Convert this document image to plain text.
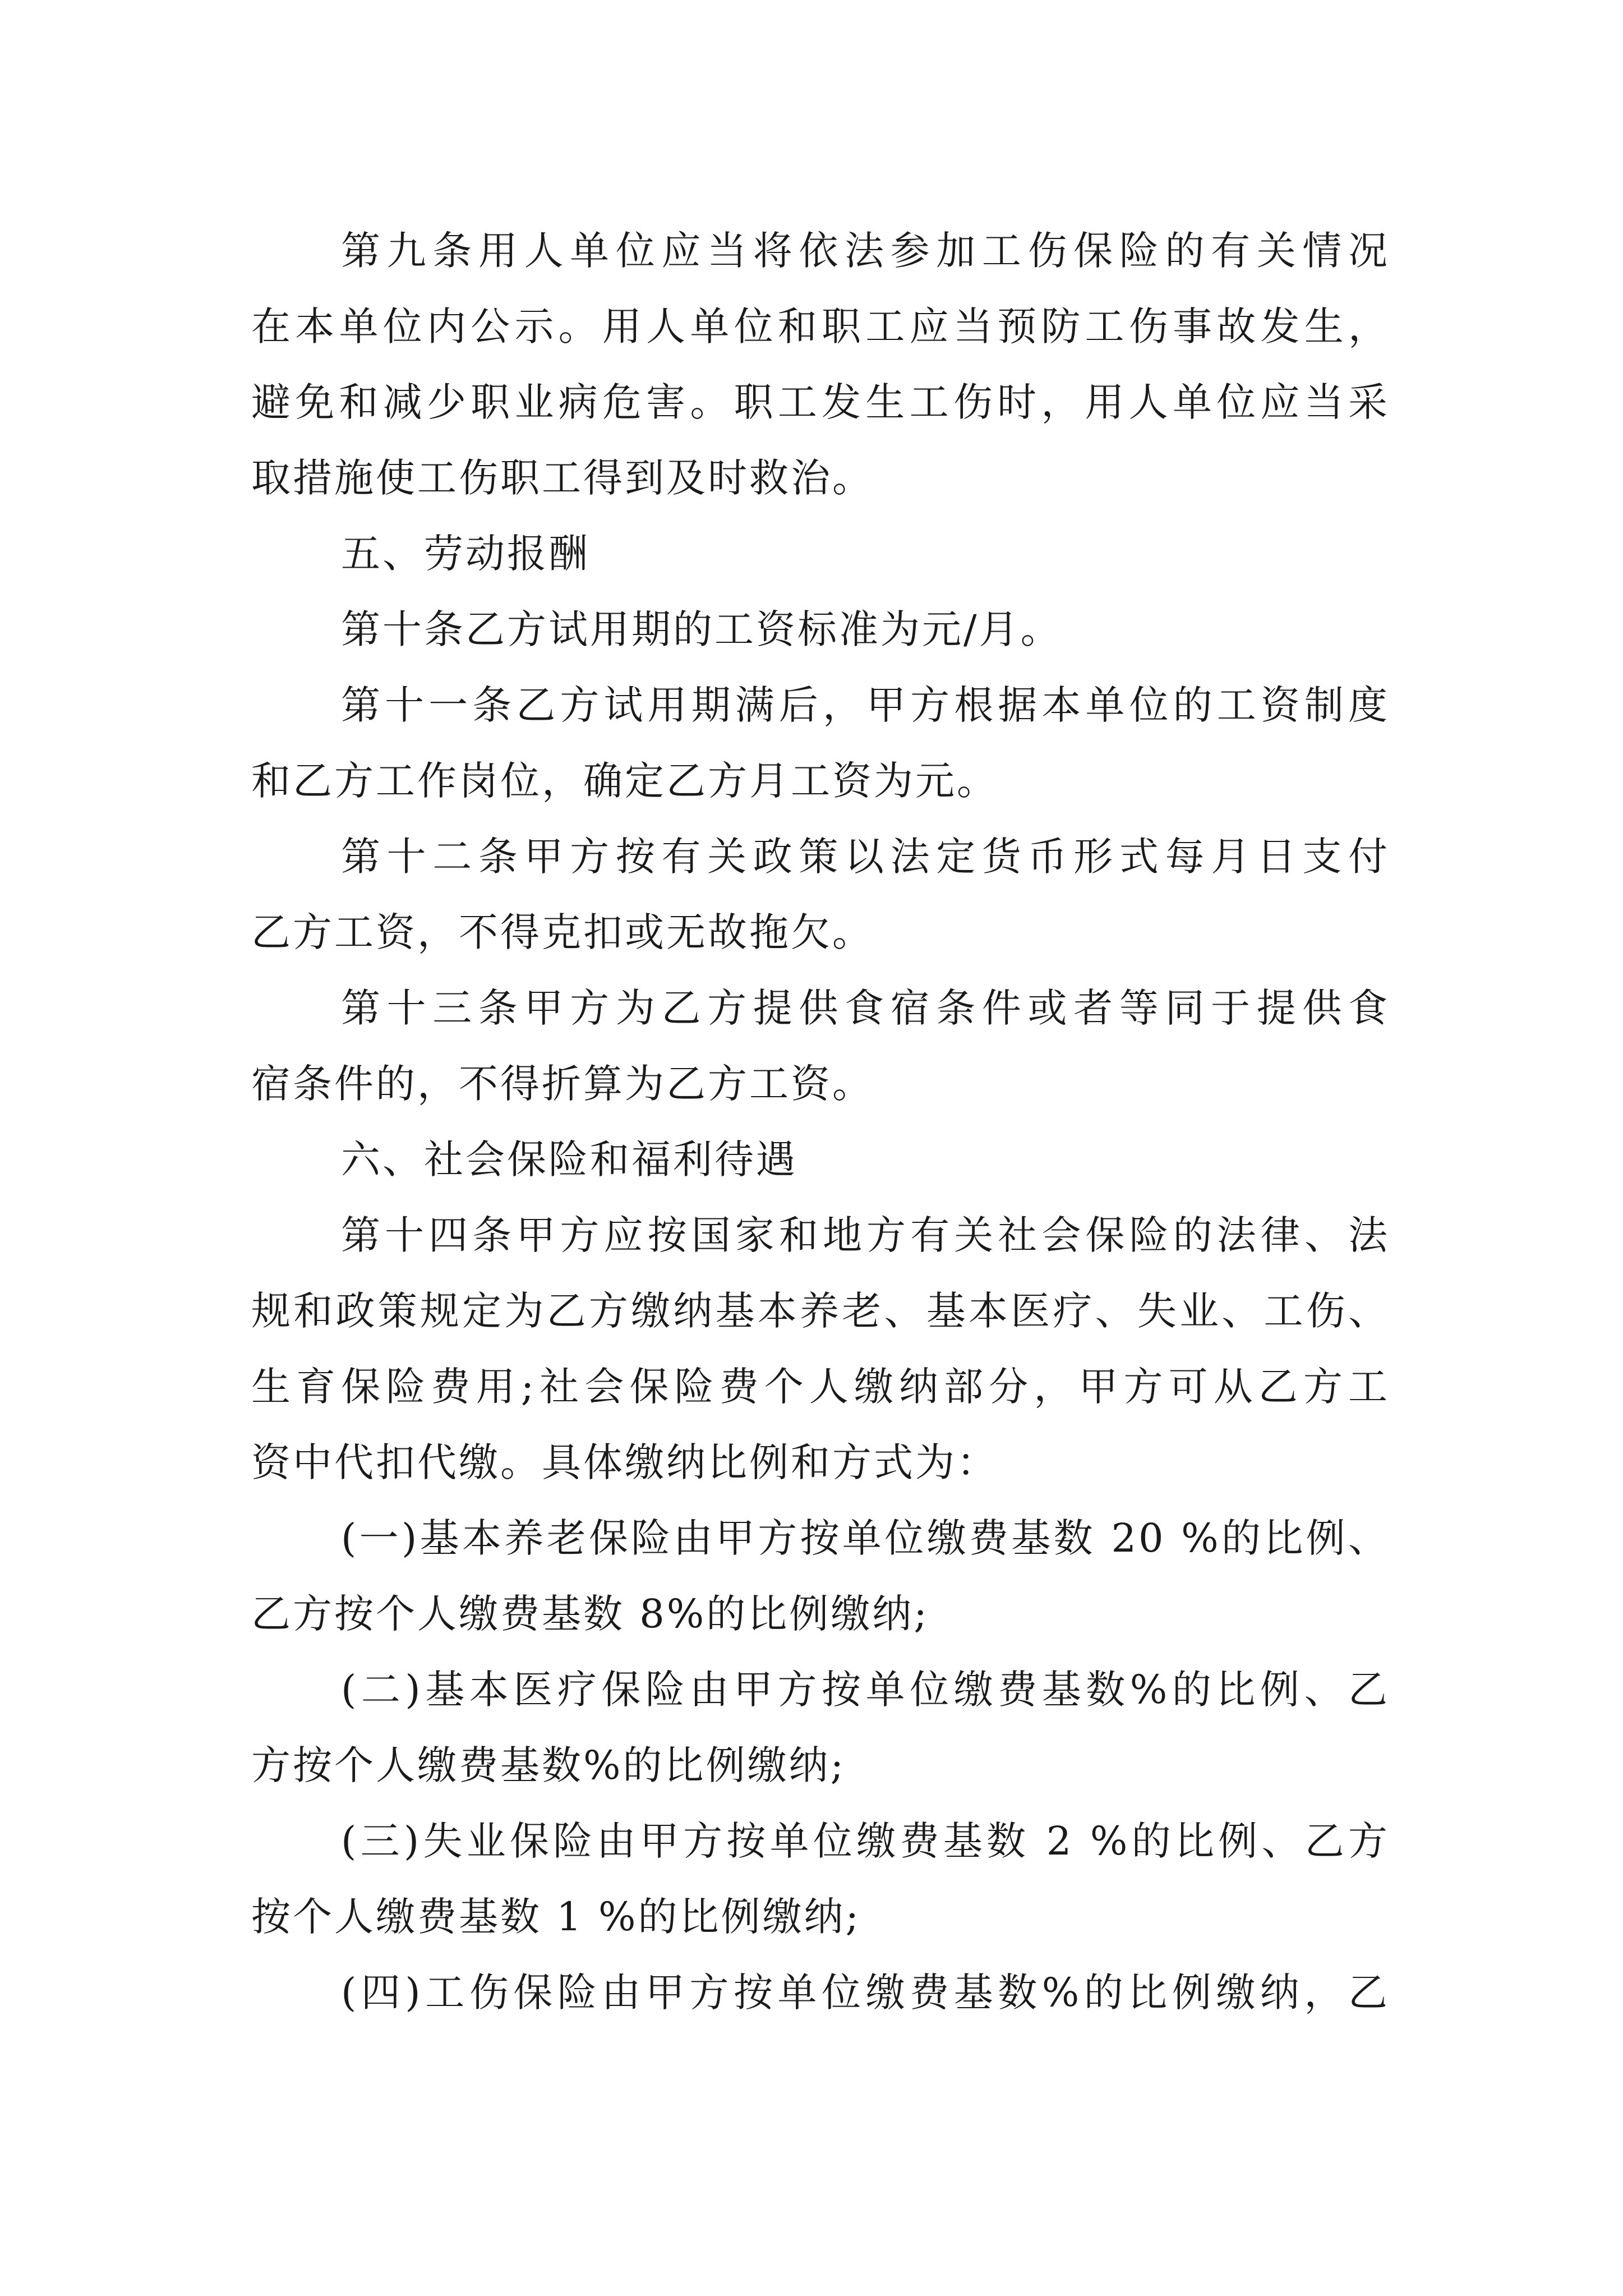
第九条用人单位应当将依法参加工伤保险的有关情况
在本单位内公示。用人单位和职工应当预防工伤事故发生，
避免和减少职业病危害。职工发生工伤时，用人单位应当采
取措施使工伤职工得到及时救治。
五、劳动报酬
第十条乙方试用期的工资标准为元/月。
第十一条乙方试用期满后，甲方根据本单位的工资制度
和乙方工作岗位，确定乙方月工资为元。
第十二条甲方按有关政策以法定货币形式每月日支付
乙方工资，不得克扣或无故拖欠。
第十三条甲方为乙方提供食宿条件或者等同于提供食
宿条件的，不得折算为乙方工资。
六、社会保险和福利待遇
第十四条甲方应按国家和地方有关社会保险的法律、法
规和政策规定为乙方缴纳基本养老、基本医疗、失业、工伤、
生育保险费用;社会保险费个人缴纳部分，甲方可从乙方工
资中代扣代缴。具体缴纳比例和方式为：
(一)基本养老保险由甲方按单位缴费基数 20 %的比例、
乙方按个人缴费基数 8%的比例缴纳;
(二)基本医疗保险由甲方按单位缴费基数%的比例、乙
方按个人缴费基数%的比例缴纳;
(三)失业保险由甲方按单位缴费基数 2 %的比例、乙方
按个人缴费基数 1 %的比例缴纳;
(四)工伤保险由甲方按单位缴费基数%的比例缴纳，乙
